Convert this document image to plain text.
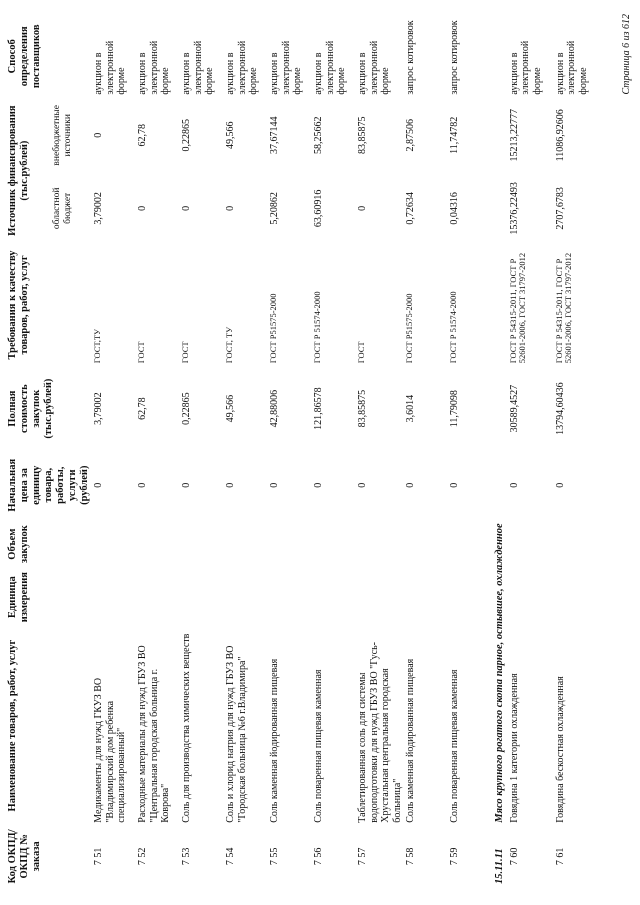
Код ОКПД/ ОКПД № заказа	Наименование товаров, работ, услуг	Единица измерения	Объем закупок	Начальная цена за единицу товара, работы, услуги (рублей)	Полная стоимость закупок (тыс.рублей)	Требования к качеству товаров, работ, услуг	Источник финансирования (тыс.рублей)		Способ определения поставщиков
							областной бюджет	внебюджетные источники	
7 51	Медикаменты для нужд ГКУЗ ВО "Владимирский дом ребенка специализированный"			0	3,79002	ГОСТ,ТУ	3,79002	0	аукцион в электронной форме
7 52	Расходные материалы для нужд ГБУЗ ВО "Центральная городская больница г. Коврова"			0	62,78	ГОСТ	0	62,78	аукцион в электронной форме
7 53	Соль для производства химических веществ			0	0,22865	ГОСТ	0	0,22865	аукцион в электронной форме
7 54	Соль и хлорид натрия для нужд ГБУЗ ВО "Городская больница №6 г.Владимира"			0	49,566	ГОСТ, ТУ	0	49,566	аукцион в электронной форме
7 55	Соль каменная йодированная пищевая			0	42,88006	ГОСТ Р51575-2000	5,20862	37,67144	аукцион в электронной форме
7 56	Соль поваренная пищевая каменная			0	121,86578	ГОСТ Р 51574-2000	63,60916	58,25662	аукцион в электронной форме
7 57	Таблетированная соль для системы водоподготовки для нужд ГБУЗ ВО "Гусь-Хрустальная центральная городская больница"			0	83,85875	ГОСТ	0	83,85875	аукцион в электронной форме
7 58	Соль каменная йодированная пищевая			0	3,6014	ГОСТ Р51575-2000	0,72634	2,87506	запрос котировок
7 59	Соль поваренная пищевая каменная			0	11,79098	ГОСТ Р 51574-2000	0,04316	11,74782	запрос котировок
15.11.11	Мясо крупного рогатого скота парное, остывшее, охлажденное								
7 60	Говядина 1 категории охлажденная			0	30589,4527	ГОСТ Р 54315-2011, ГОСТ Р 52601-2006, ГОСТ 31797-2012	15376,22493	15213,22777	аукцион в электронной форме
7 61	Говядина бескостная охлажденная			0	13794,60436	ГОСТ Р 54315-2011, ГОСТ Р 52601-2006, ГОСТ 31797-2012	2707,6783	11086,92606	аукцион в электронной форме	Страница 6 из 612
